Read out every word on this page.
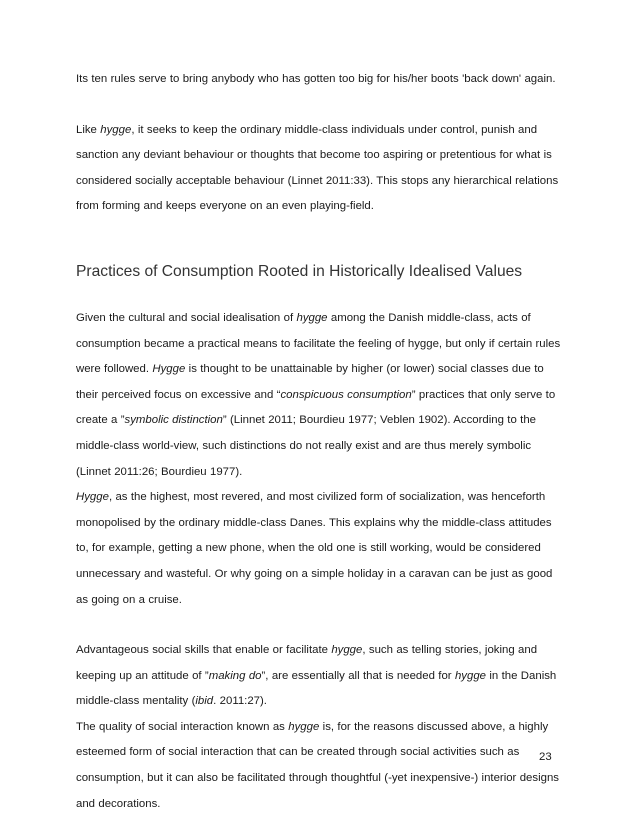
Its ten rules serve to bring anybody who has gotten too big for his/her boots 'back down' again.

Like hygge, it seeks to keep the ordinary middle-class individuals under control, punish and
sanction any deviant behaviour or thoughts that become too aspiring or pretentious for what is
considered socially acceptable behaviour (Linnet 2011:33). This stops any hierarchical relations
from forming and keeps everyone on an even playing-field.

Practices of Consumption Rooted in Historically Idealised Values

Given the cultural and social idealisation of hygge among the Danish middle-class, acts of
consumption became a practical means to facilitate the feeling of hygge, but only if certain rules
were followed. Hygge is thought to be unattainable by higher (or lower) social classes due to
their perceived focus on excessive and “conspicuous consumption” practices that only serve to
create a ”symbolic distinction” (Linnet 2011; Bourdieu 1977; Veblen 1902). According to the
middle-class world-view, such distinctions do not really exist and are thus merely symbolic
(Linnet 2011:26; Bourdieu 1977).

Hygge, as the highest, most revered, and most civilized form of socialization, was henceforth
monopolised by the ordinary middle-class Danes. This explains why the middle-class attitudes
to, for example, getting a new phone, when the old one is still working, would be considered
unnecessary and wasteful. Or why going on a simple holiday in a caravan can be just as good
as going on a cruise.

Advantageous social skills that enable or facilitate hygge, such as telling stories, joking and
keeping up an attitude of ”making do”, are essentially all that is needed for hygge in the Danish
middle-class mentality (ibid. 2011:27).

The quality of social interaction known as hygge is, for the reasons discussed above, a highly
esteemed form of social interaction that can be created through social activities such as
consumption, but it can also be facilitated through thoughtful (-yet inexpensive-) interior designs
and decorations.

23
